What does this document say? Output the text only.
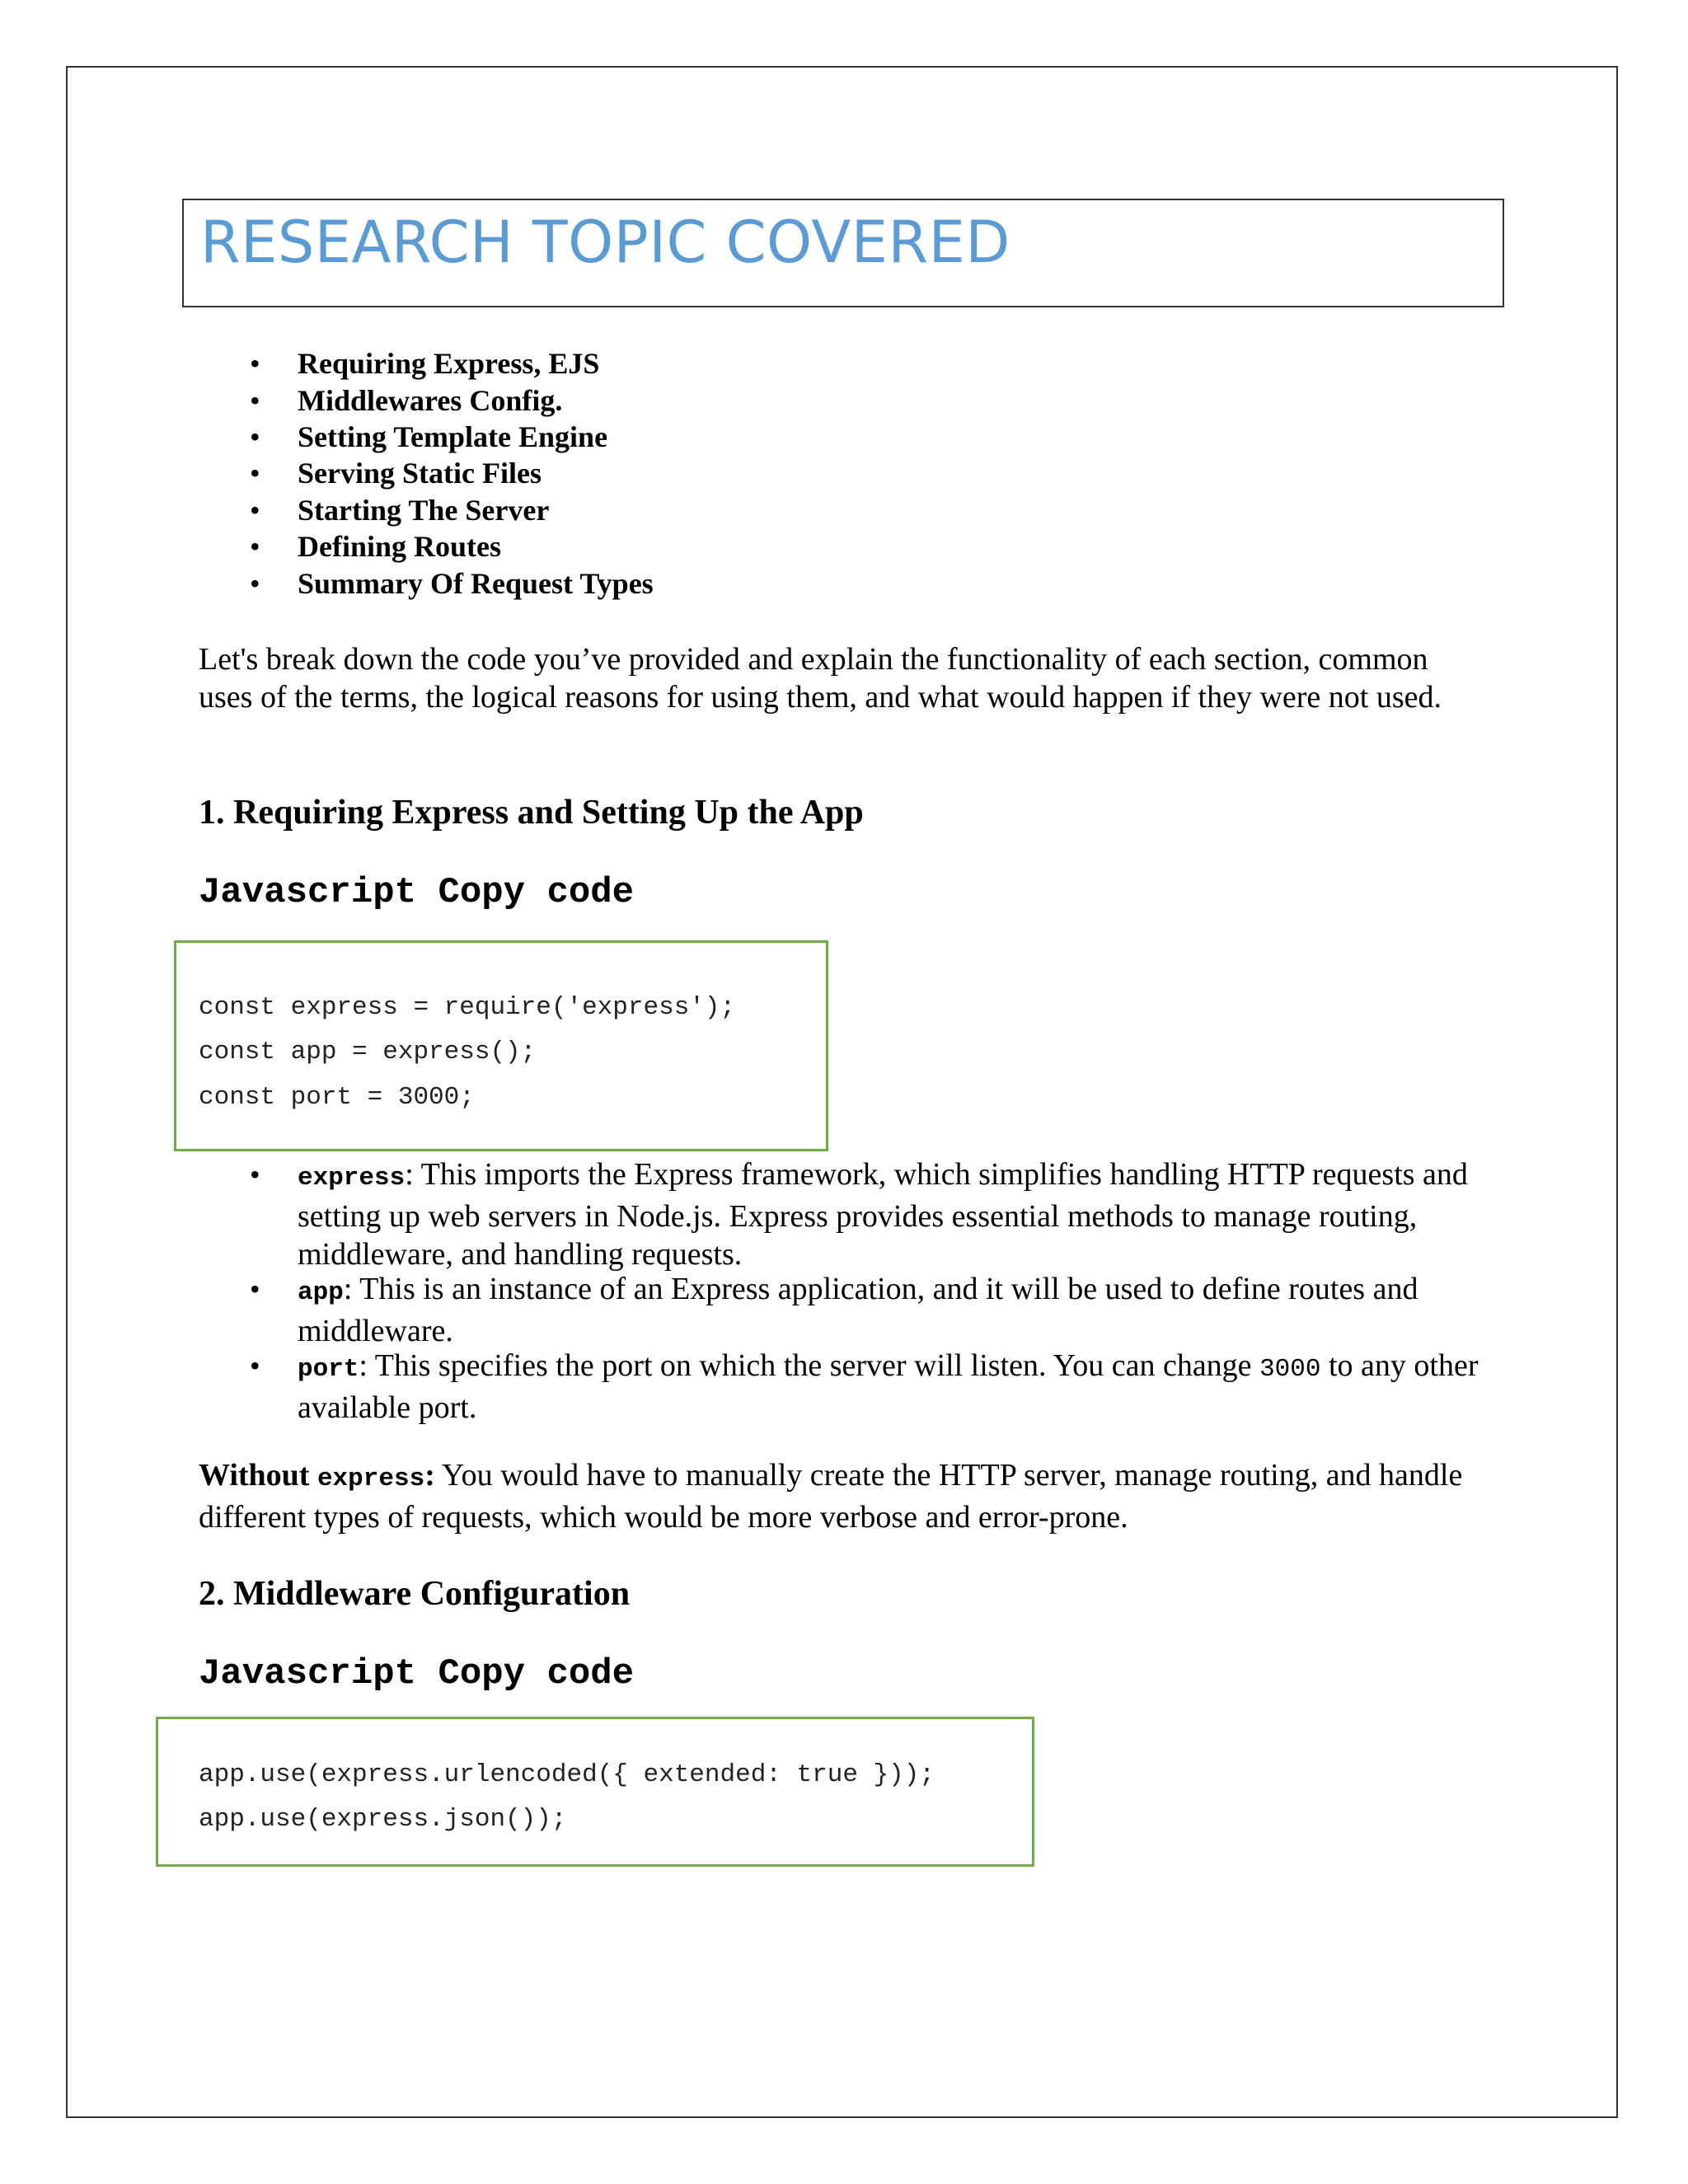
RESEARCH TOPIC COVERED
• Requiring Express, EJS
• Middlewares Config.
• Setting Template Engine
• Serving Static Files
• Starting The Server
• Defining Routes
• Summary Of Request Types

Let's break down the code you’ve provided and explain the functionality of each section, common uses of the terms, the logical reasons for using them, and what would happen if they were not used.

1. Requiring Express and Setting Up the App
Javascript Copy code
const express = require('express');
const app = express();
const port = 3000;
• express: This imports the Express framework, which simplifies handling HTTP requests and setting up web servers in Node.js. Express provides essential methods to manage routing, middleware, and handling requests.
• app: This is an instance of an Express application, and it will be used to define routes and middleware.
• port: This specifies the port on which the server will listen. You can change 3000 to any other available port.

Without express: You would have to manually create the HTTP server, manage routing, and handle different types of requests, which would be more verbose and error-prone.

2. Middleware Configuration
Javascript Copy code
app.use(express.urlencoded({ extended: true }));
app.use(express.json());
